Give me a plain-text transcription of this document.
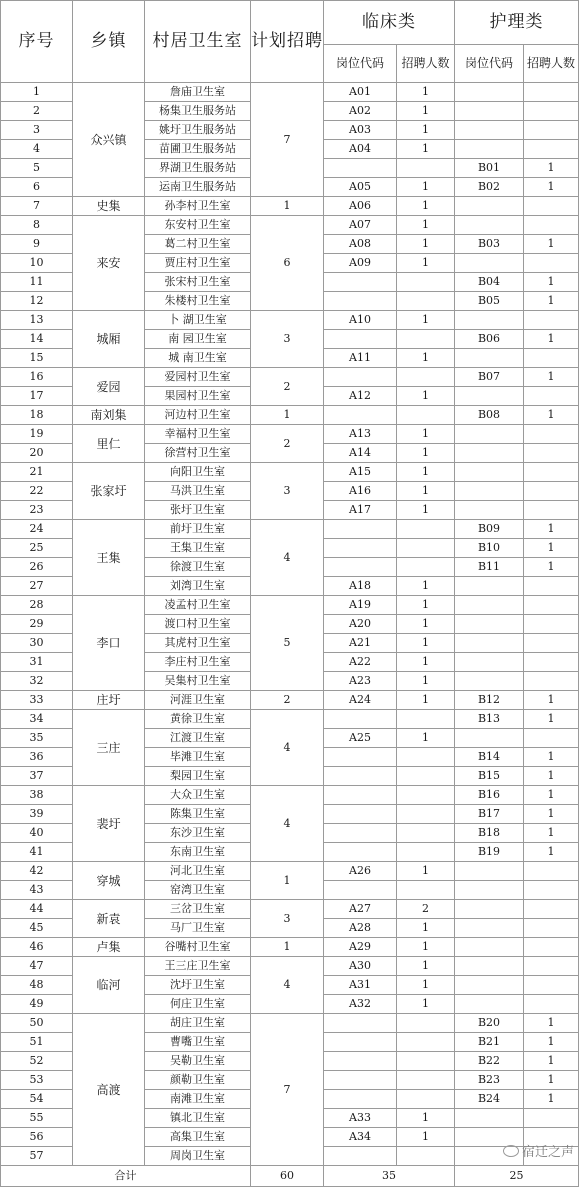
序号	乡镇	村居卫生室	计划招聘	临床类		护理类	
				岗位代码	招聘人数	岗位代码	招聘人数
1	众兴镇	詹庙卫生室	7	A01	1		
2		杨集卫生服务站		A02	1		
3		姚圩卫生服务站		A03	1		
4		苗圃卫生服务站		A04	1		
5		界湖卫生服务站				B01	1
6		运南卫生服务站		A05	1	B02	1
7	史集	孙李村卫生室	1	A06	1		
8	来安	东安村卫生室	6	A07	1		
9		葛二村卫生室		A08	1	B03	1
10		贾庄村卫生室		A09	1		
11		张宋村卫生室				B04	1
12		朱楼村卫生室				B05	1
13	城厢	卜 湖卫生室	3	A10	1		
14		南 园卫生室				B06	1
15		城 南卫生室		A11	1		
16	爱园	爱园村卫生室	2			B07	1
17		果园村卫生室		A12	1		
18	南刘集	河边村卫生室	1			B08	1
19	里仁	幸福村卫生室	2	A13	1		
20		徐营村卫生室		A14	1		
21	张家圩	向阳卫生室	3	A15	1		
22		马洪卫生室		A16	1		
23		张圩卫生室		A17	1		
24	王集	前圩卫生室	4			B09	1
25		王集卫生室				B10	1
26		徐渡卫生室				B11	1
27		刘湾卫生室		A18	1		
28	李口	凌孟村卫生室	5	A19	1		
29		渡口村卫生室		A20	1		
30		其虎村卫生室		A21	1		
31		李庄村卫生室		A22	1		
32		吴集村卫生室		A23	1		
33	庄圩	河涯卫生室	2	A24	1	B12	1
34	三庄	黄徐卫生室	4			B13	1
35		江渡卫生室		A25	1		
36		毕滩卫生室				B14	1
37		梨园卫生室				B15	1
38	裴圩	大众卫生室	4			B16	1
39		陈集卫生室				B17	1
40		东沙卫生室				B18	1
41		东南卫生室				B19	1
42	穿城	河北卫生室	1	A26	1		
43		窑湾卫生室					
44	新袁	三岔卫生室	3	A27	2		
45		马厂卫生室		A28	1		
46	卢集	谷嘴村卫生室	1	A29	1		
47	临河	王三庄卫生室	4	A30	1		
48		沈圩卫生室		A31	1		
49		何庄卫生室		A32	1		
50	高渡	胡庄卫生室	7			B20	1
51		曹嘴卫生室				B21	1
52		吴勒卫生室				B22	1
53		颜勒卫生室				B23	1
54		南滩卫生室				B24	1
55		镇北卫生室		A33	1		
56		高集卫生室		A34	1		
57		周岗卫生室					
合计			60	35		25	
宿迁之声
